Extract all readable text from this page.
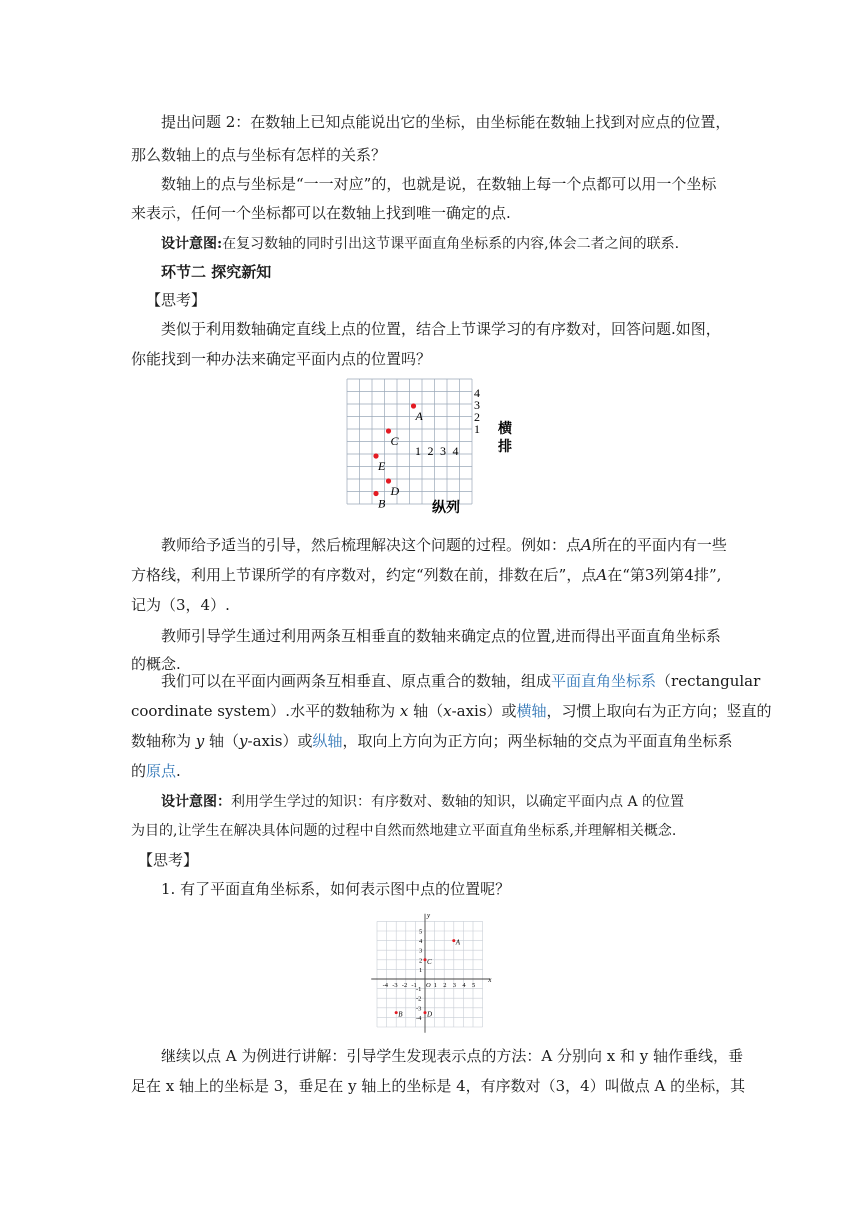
提出问题 2：在数轴上已知点能说出它的坐标，由坐标能在数轴上找到对应点的位置，
那么数轴上的点与坐标有怎样的关系？
数轴上的点与坐标是“一一对应”的，也就是说，在数轴上每一个点都可以用一个坐标
来表示，任何一个坐标都可以在数轴上找到唯一确定的点.
设计意图:在复习数轴的同时引出这节课平面直角坐标系的内容,体会二者之间的联系.
环节二 探究新知
【思考】
类似于利用数轴确定直线上点的位置，结合上节课学习的有序数对，回答问题.如图，
你能找到一种办法来确定平面内点的位置吗？
A
C
E
D
B
4
3
2
1
1 2 3 4
横
排
纵列
教师给予适当的引导，然后梳理解决这个问题的过程。例如：点A所在的平面内有一些
方格线，利用上节课所学的有序数对，约定“列数在前，排数在后”，点A在“第3列第4排”,
记为（3，4）.
教师引导学生通过利用两条互相垂直的数轴来确定点的位置,进而得出平面直角坐标系
的概念.
我们可以在平面内画两条互相垂直、原点重合的数轴，组成平面直角坐标系（rectangular
coordinate system）.水平的数轴称为 x 轴（x-axis）或横轴，习惯上取向右为正方向；竖直的
数轴称为 y 轴（y-axis）或纵轴，取向上方向为正方向；两坐标轴的交点为平面直角坐标系
的原点.
设计意图：利用学生学过的知识：有序数对、数轴的知识，以确定平面内点 A 的位置
为目的,让学生在解决具体问题的过程中自然而然地建立平面直角坐标系,并理解相关概念.
【思考】
1. 有了平面直角坐标系，如何表示图中点的位置呢？
x
y
-4 -3 -2 -1 O 1 2 3 4 5
5
4
3
2
1
-1
-2
-3
-4
A
C
B	D
继续以点 A 为例进行讲解：引导学生发现表示点的方法：A 分别向 x 和 y 轴作垂线，垂
足在 x 轴上的坐标是 3，垂足在 y 轴上的坐标是 4，有序数对（3，4）叫做点 A 的坐标，其
